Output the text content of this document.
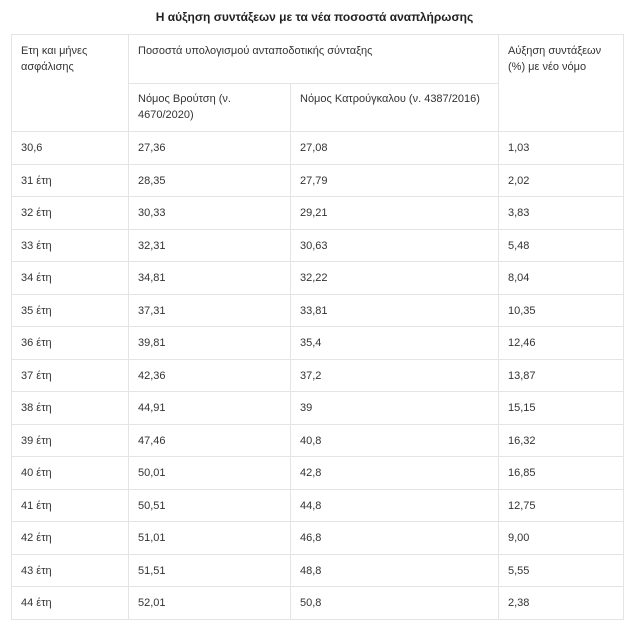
Η αύξηση συντάξεων με τα νέα ποσοστά αναπλήρωσης
Ετη και μήνες ασφάλισης	Ποσοστά υπολογισμού ανταποδοτικής σύνταξης		Αύξηση συντάξεων (%) με νέο νόμο
	Νόμος Βρούτση (ν. 4670/2020)	Νόμος Κατρούγκαλου (ν. 4387/2016)	
30,6	27,36	27,08	1,03
31 έτη	28,35	27,79	2,02
32 έτη	30,33	29,21	3,83
33 έτη	32,31	30,63	5,48
34 έτη	34,81	32,22	8,04
35 έτη	37,31	33,81	10,35
36 έτη	39,81	35,4	12,46
37 έτη	42,36	37,2	13,87
38 έτη	44,91	39	15,15
39 έτη	47,46	40,8	16,32
40 έτη	50,01	42,8	16,85
41 έτη	50,51	44,8	12,75
42 έτη	51,01	46,8	9,00
43 έτη	51,51	48,8	5,55
44 έτη	52,01	50,8	2,38
